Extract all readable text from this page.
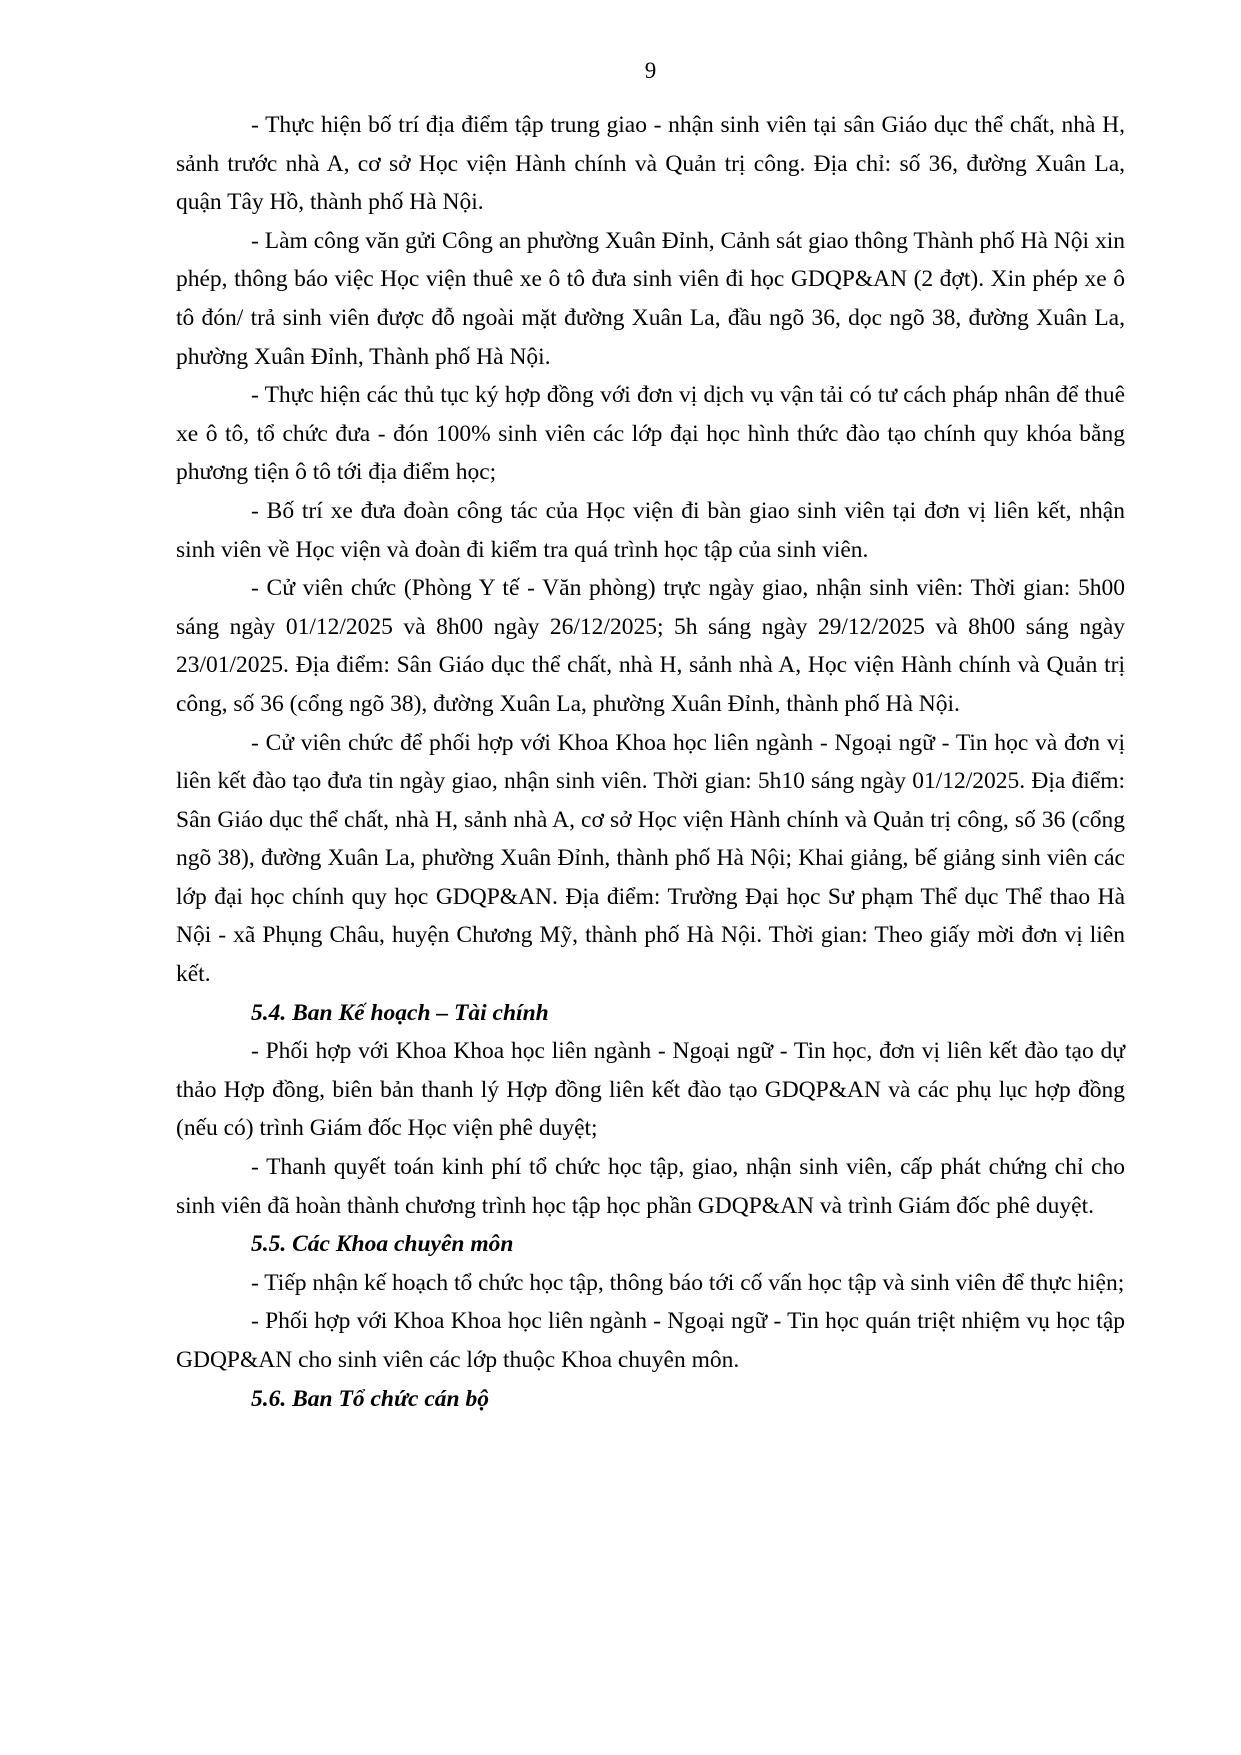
9

- Thực hiện bố trí địa điểm tập trung giao - nhận sinh viên tại sân Giáo dục thể chất, nhà H, sảnh trước nhà A, cơ sở Học viện Hành chính và Quản trị công. Địa chỉ: số 36, đường Xuân La, quận Tây Hồ, thành phố Hà Nội.

- Làm công văn gửi Công an phường Xuân Đỉnh, Cảnh sát giao thông Thành phố Hà Nội xin phép, thông báo việc Học viện thuê xe ô tô đưa sinh viên đi học GDQP&AN (2 đợt). Xin phép xe ô tô đón/ trả sinh viên được đỗ ngoài mặt đường Xuân La, đầu ngõ 36, dọc ngõ 38, đường Xuân La, phường Xuân Đỉnh, Thành phố Hà Nội.

- Thực hiện các thủ tục ký hợp đồng với đơn vị dịch vụ vận tải có tư cách pháp nhân để thuê xe ô tô, tổ chức đưa - đón 100% sinh viên các lớp đại học hình thức đào tạo chính quy khóa bằng phương tiện ô tô tới địa điểm học;

- Bố trí xe đưa đoàn công tác của Học viện đi bàn giao sinh viên tại đơn vị liên kết, nhận sinh viên về Học viện và đoàn đi kiểm tra quá trình học tập của sinh viên.

- Cử viên chức (Phòng Y tế - Văn phòng) trực ngày giao, nhận sinh viên: Thời gian: 5h00 sáng ngày 01/12/2025 và 8h00 ngày 26/12/2025; 5h sáng ngày 29/12/2025 và 8h00 sáng ngày 23/01/2025. Địa điểm: Sân Giáo dục thể chất, nhà H, sảnh nhà A, Học viện Hành chính và Quản trị công, số 36 (cổng ngõ 38), đường Xuân La, phường Xuân Đỉnh, thành phố Hà Nội.

- Cử viên chức để phối hợp với Khoa Khoa học liên ngành - Ngoại ngữ - Tin học và đơn vị liên kết đào tạo đưa tin ngày giao, nhận sinh viên. Thời gian: 5h10 sáng ngày 01/12/2025. Địa điểm: Sân Giáo dục thể chất, nhà H, sảnh nhà A, cơ sở Học viện Hành chính và Quản trị công, số 36 (cổng ngõ 38), đường Xuân La, phường Xuân Đỉnh, thành phố Hà Nội; Khai giảng, bế giảng sinh viên các lớp đại học chính quy học GDQP&AN. Địa điểm: Trường Đại học Sư phạm Thể dục Thể thao Hà Nội - xã Phụng Châu, huyện Chương Mỹ, thành phố Hà Nội. Thời gian: Theo giấy mời đơn vị liên kết.

5.4. Ban Kế hoạch – Tài chính

- Phối hợp với Khoa Khoa học liên ngành - Ngoại ngữ - Tin học, đơn vị liên kết đào tạo dự thảo Hợp đồng, biên bản thanh lý Hợp đồng liên kết đào tạo GDQP&AN và các phụ lục hợp đồng (nếu có) trình Giám đốc Học viện phê duyệt;

- Thanh quyết toán kinh phí tổ chức học tập, giao, nhận sinh viên, cấp phát chứng chỉ cho sinh viên đã hoàn thành chương trình học tập học phần GDQP&AN và trình Giám đốc phê duyệt.

5.5. Các Khoa chuyên môn

- Tiếp nhận kế hoạch tổ chức học tập, thông báo tới cố vấn học tập và sinh viên để thực hiện;

- Phối hợp với Khoa Khoa học liên ngành - Ngoại ngữ - Tin học quán triệt nhiệm vụ học tập GDQP&AN cho sinh viên các lớp thuộc Khoa chuyên môn.

5.6. Ban Tổ chức cán bộ
